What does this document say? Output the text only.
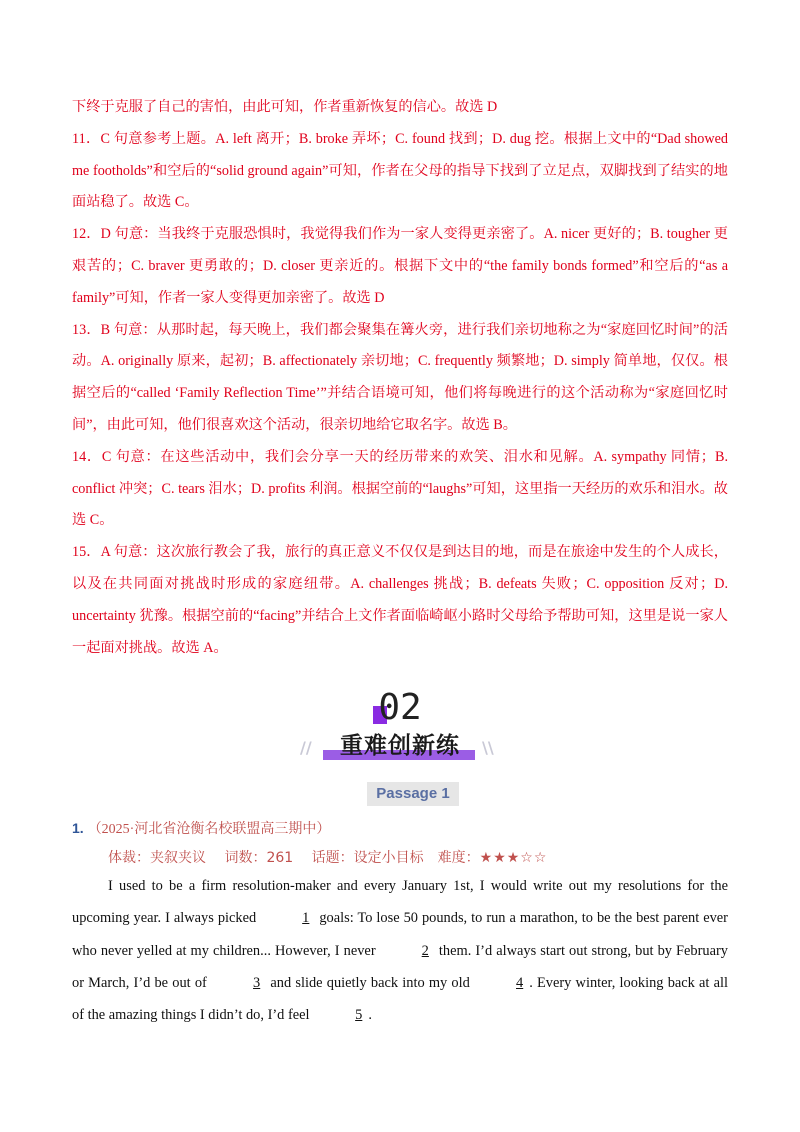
下终于克服了自己的害怕，由此可知，作者重新恢复的信心。故选 D

11．C 句意参考上题。A. left 离开；B. broke 弄坏；C. found 找到；D. dug 挖。根据上文中的“Dad showed me footholds”和空后的“solid ground again”可知，作者在父母的指导下找到了立足点，双脚找到了结实的地面站稳了。故选 C。

12．D 句意：当我终于克服恐惧时，我觉得我们作为一家人变得更亲密了。A. nicer 更好的；B. tougher 更艰苦的；C. braver 更勇敢的；D. closer 更亲近的。根据下文中的“the family bonds formed”和空后的“as a family”可知，作者一家人变得更加亲密了。故选 D

13．B 句意：从那时起，每天晚上，我们都会聚集在篝火旁，进行我们亲切地称之为“家庭回忆时间”的活动。A. originally 原来，起初；B. affectionately 亲切地；C. frequently 频繁地；D. simply 简单地，仅仅。根据空后的“called ‘Family Reflection Time’”并结合语境可知，他们将每晚进行的这个活动称为“家庭回忆时间”，由此可知，他们很喜欢这个活动，很亲切地给它取名字。故选 B。

14．C 句意：在这些活动中，我们会分享一天的经历带来的欢笑、泪水和见解。A. sympathy 同情；B. conflict 冲突；C. tears 泪水；D. profits 利润。根据空前的“laughs”可知，这里指一天经历的欢乐和泪水。故选 C。

15．A 句意：这次旅行教会了我，旅行的真正意义不仅仅是到达目的地，而是在旅途中发生的个人成长，以及在共同面对挑战时形成的家庭纽带。A. challenges 挑战；B. defeats 失败；C. opposition 反对；D. uncertainty 犹豫。根据空前的“facing”并结合上文作者面临崎岖小路时父母给予帮助可知，这里是说一家人一起面对挑战。故选 A。

02
//	重难创新练	\\
Passage 1
1. （2025·河北省沧衡名校联盟高三期中）
体裁：夹叙夹议 词数：261 话题：设定小目标 难度：★★★☆☆

I used to be a firm resolution-maker and every January 1st, I would write out my resolutions for the upcoming year. I always picked	1 goals: To lose 50 pounds, to run a marathon, to be the best parent ever who never yelled at my children... However, I never	2 them. I’d always start out strong, but by February or March, I’d be out of	3 and slide quietly back into my old	4 . Every winter, looking back at all of the amazing things I didn’t do, I’d feel	5 .
